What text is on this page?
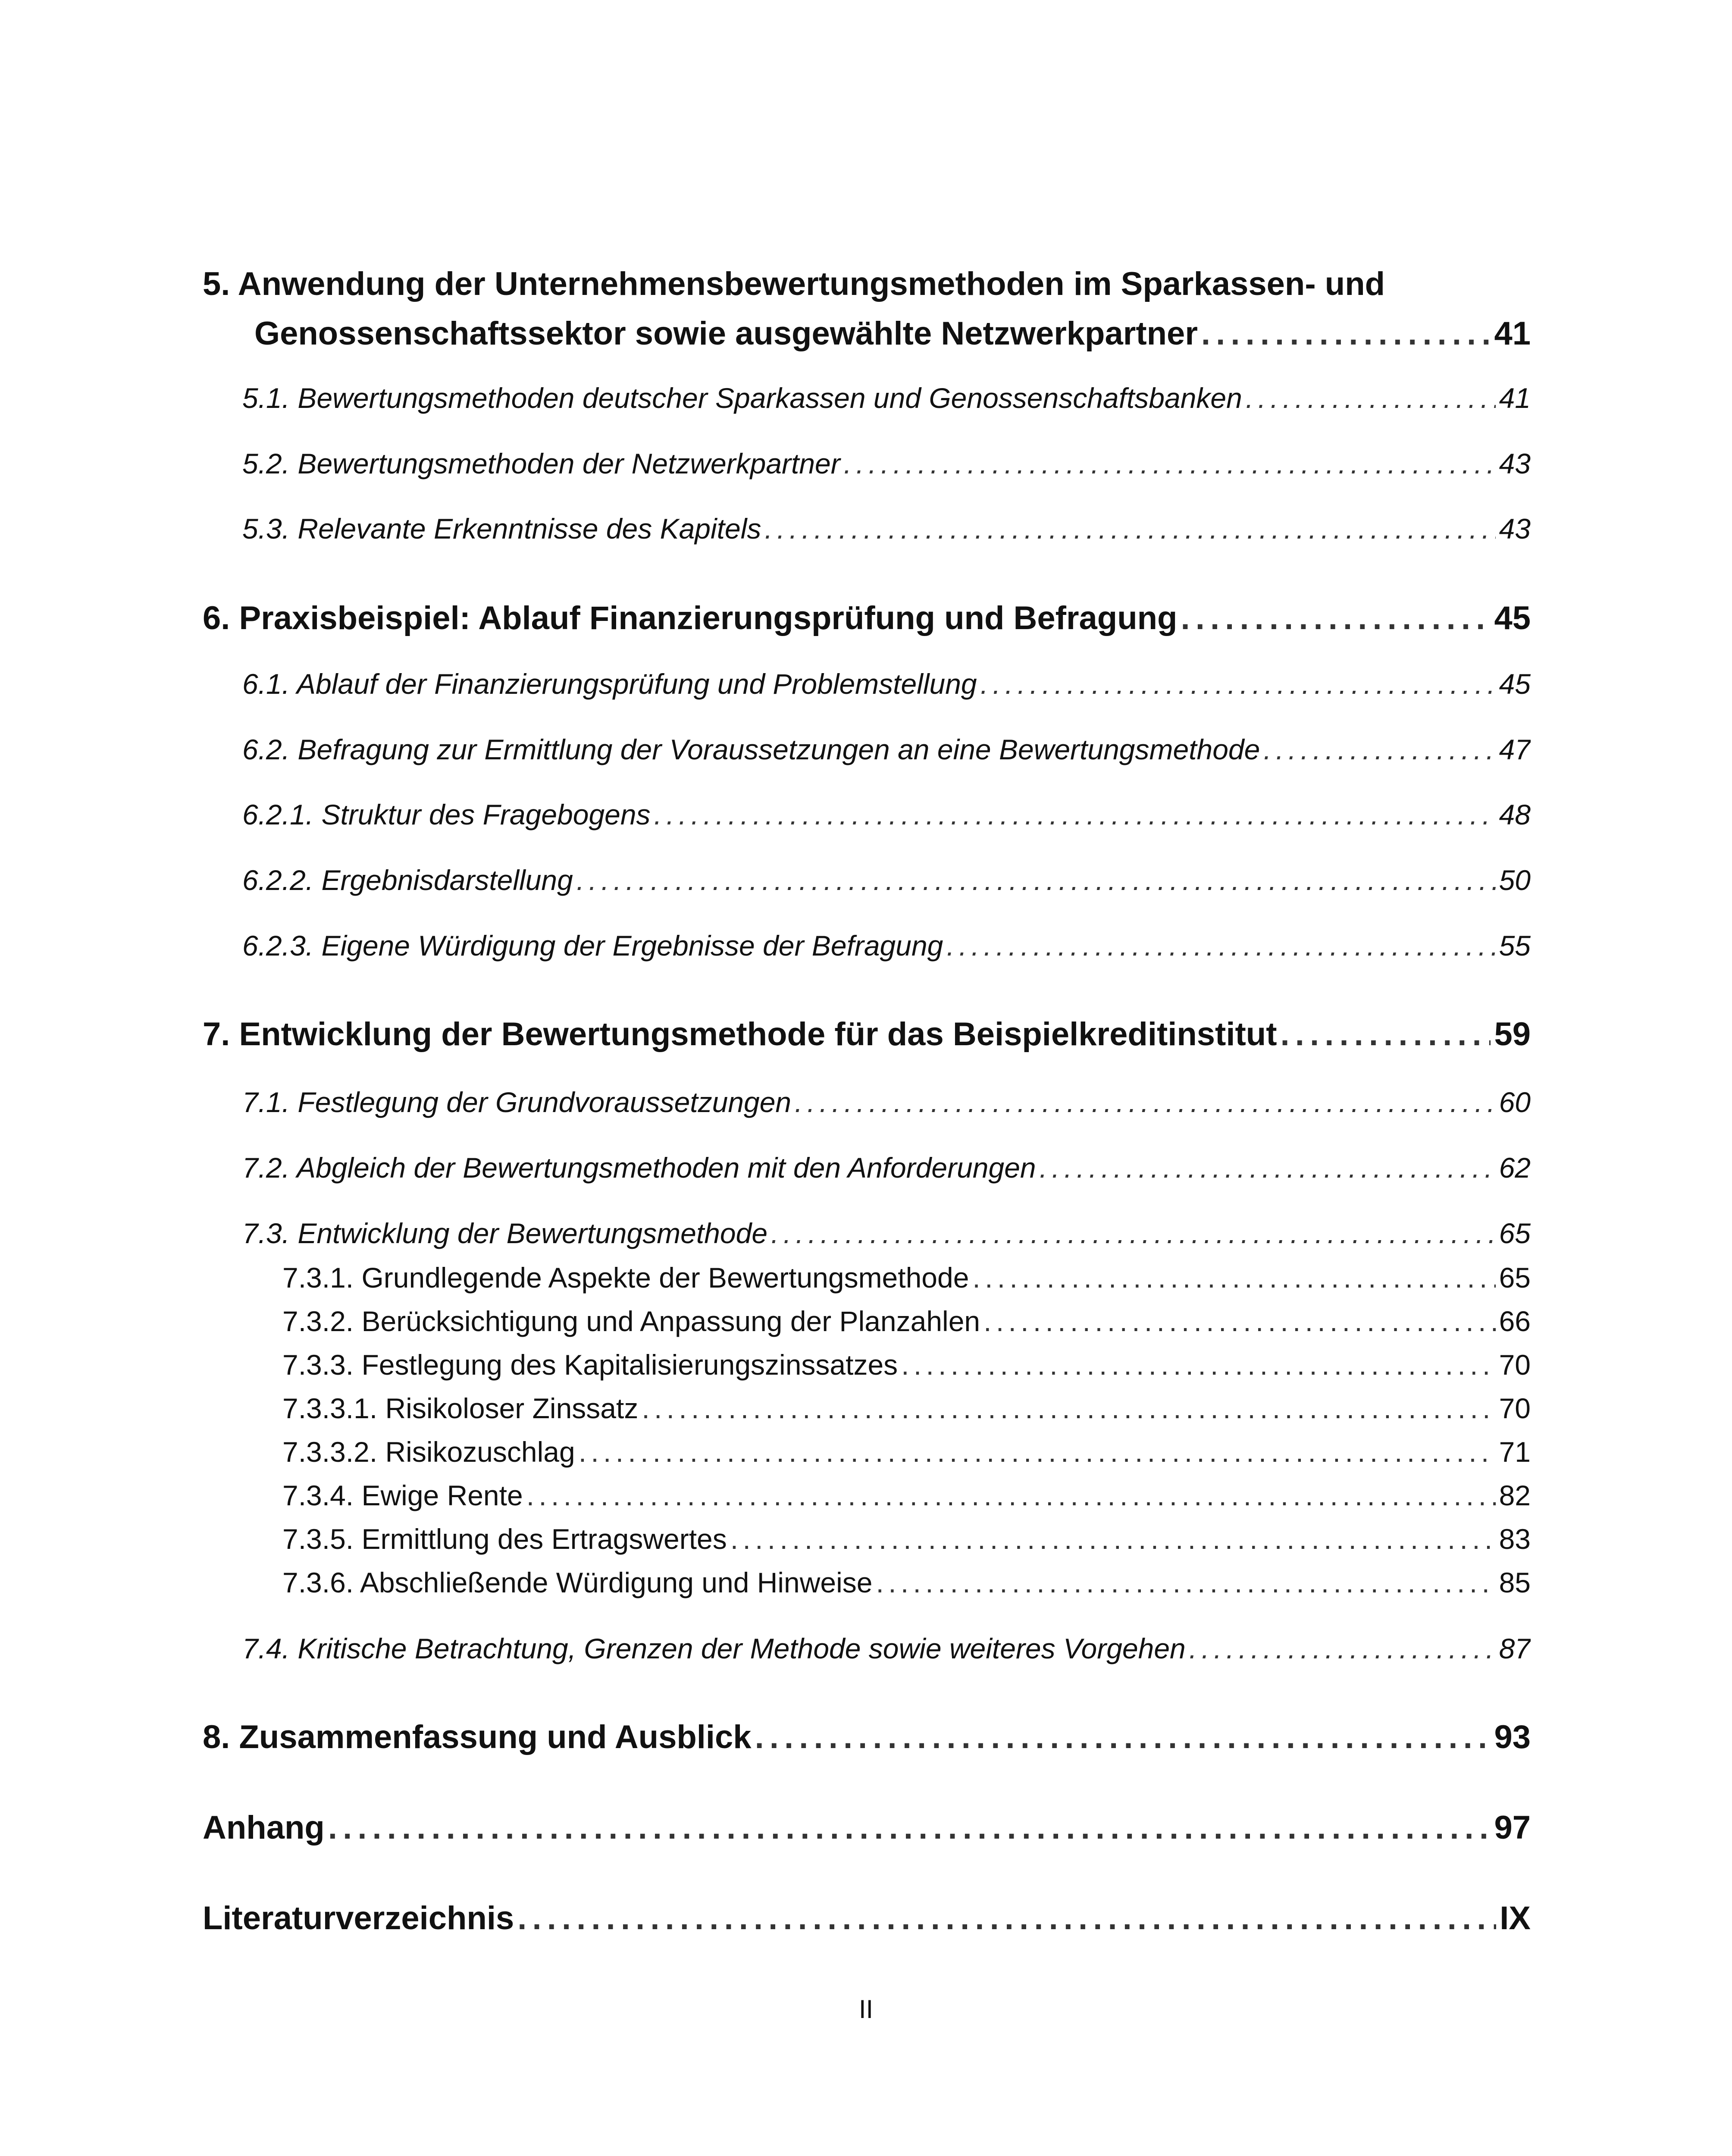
5. Anwendung der Unternehmensbewertungsmethoden im Sparkassen- und
Genossenschaftssektor sowie ausgewählte Netzwerkpartner . . .	41
5.1. Bewertungsmethoden deutscher Sparkassen und Genossenschaftsbanken . . .	41
5.2. Bewertungsmethoden der Netzwerkpartner . . .	43
5.3. Relevante Erkenntnisse des Kapitels . . .	43
6. Praxisbeispiel: Ablauf Finanzierungsprüfung und Befragung . . .	45
6.1. Ablauf der Finanzierungsprüfung und Problemstellung . . .	45
6.2. Befragung zur Ermittlung der Voraussetzungen an eine Bewertungsmethode . . .	47
6.2.1. Struktur des Fragebogens . . .	48
6.2.2. Ergebnisdarstellung . . .	50
6.2.3. Eigene Würdigung der Ergebnisse der Befragung . . .	55
7. Entwicklung der Bewertungsmethode für das Beispielkreditinstitut . . .	59
7.1. Festlegung der Grundvoraussetzungen . . .	60
7.2. Abgleich der Bewertungsmethoden mit den Anforderungen . . .	62
7.3. Entwicklung der Bewertungsmethode . . .	65
7.3.1. Grundlegende Aspekte der Bewertungsmethode . . .	65
7.3.2. Berücksichtigung und Anpassung der Planzahlen . . .	66
7.3.3. Festlegung des Kapitalisierungszinssatzes . . .	70
7.3.3.1. Risikoloser Zinssatz . . .	70
7.3.3.2. Risikozuschlag . . .	71
7.3.4. Ewige Rente . . .	82
7.3.5. Ermittlung des Ertragswertes . . .	83
7.3.6. Abschließende Würdigung und Hinweise . . .	85
7.4. Kritische Betrachtung, Grenzen der Methode sowie weiteres Vorgehen . . .	87
8. Zusammenfassung und Ausblick . . .	93
Anhang . . .	97
Literaturverzeichnis . . .	IX
II
